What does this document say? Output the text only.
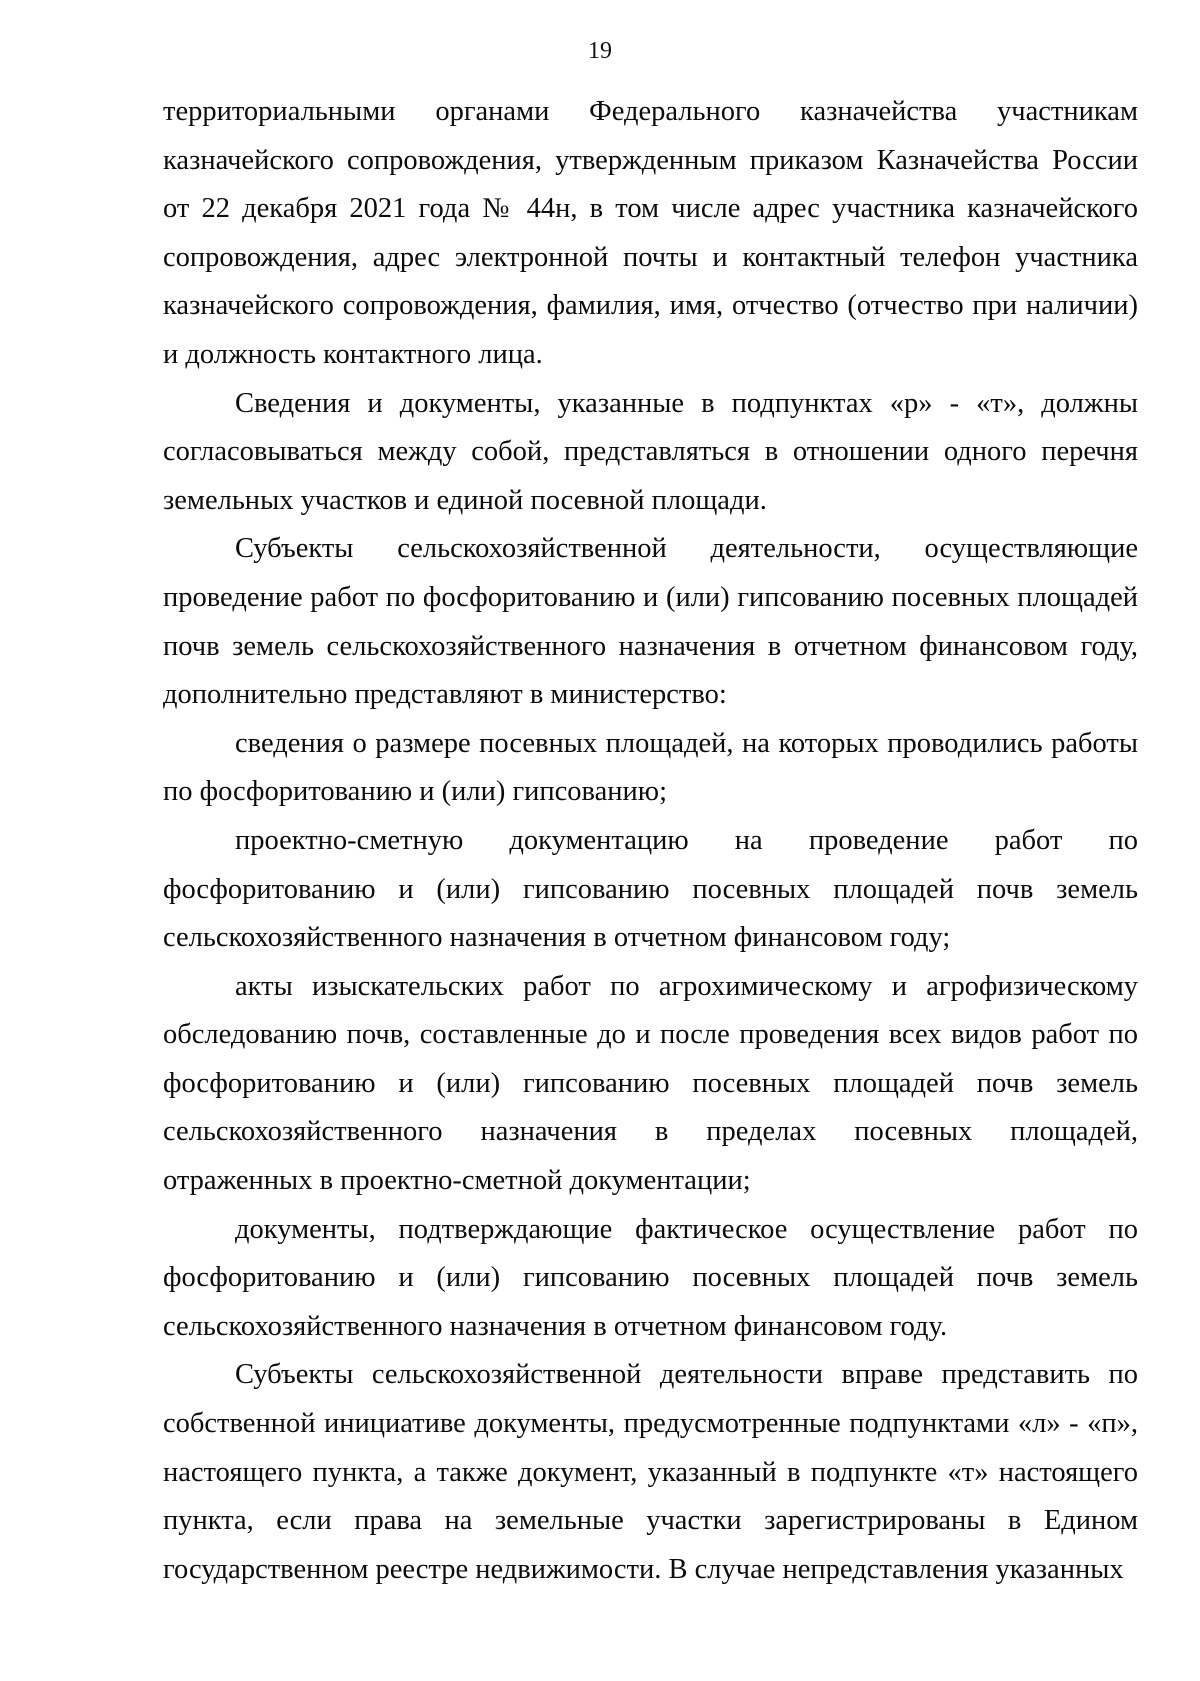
19

территориальными органами Федерального казначейства участникам казначейского сопровождения, утвержденным приказом Казначейства России от 22 декабря 2021 года № 44н, в том числе адрес участника казначейского сопровождения, адрес электронной почты и контактный телефон участника казначейского сопровождения, фамилия, имя, отчество (отчество при наличии) и должность контактного лица.

Сведения и документы, указанные в подпунктах «р» - «т», должны согласовываться между собой, представляться в отношении одного перечня земельных участков и единой посевной площади.

Субъекты сельскохозяйственной деятельности, осуществляющие проведение работ по фосфоритованию и (или) гипсованию посевных площадей почв земель сельскохозяйственного назначения в отчетном финансовом году, дополнительно представляют в министерство:

сведения о размере посевных площадей, на которых проводились работы по фосфоритованию и (или) гипсованию;

проектно-сметную документацию на проведение работ по фосфоритованию и (или) гипсованию посевных площадей почв земель сельскохозяйственного назначения в отчетном финансовом году;

акты изыскательских работ по агрохимическому и агрофизическому обследованию почв, составленные до и после проведения всех видов работ по фосфоритованию и (или) гипсованию посевных площадей почв земель сельскохозяйственного назначения в пределах посевных площадей, отраженных в проектно-сметной документации;

документы, подтверждающие фактическое осуществление работ по фосфоритованию и (или) гипсованию посевных площадей почв земель сельскохозяйственного назначения в отчетном финансовом году.

Субъекты сельскохозяйственной деятельности вправе представить по собственной инициативе документы, предусмотренные подпунктами «л» - «п», настоящего пункта, а также документ, указанный в подпункте «т» настоящего пункта, если права на земельные участки зарегистрированы в Едином государственном реестре недвижимости. В случае непредставления указанных
